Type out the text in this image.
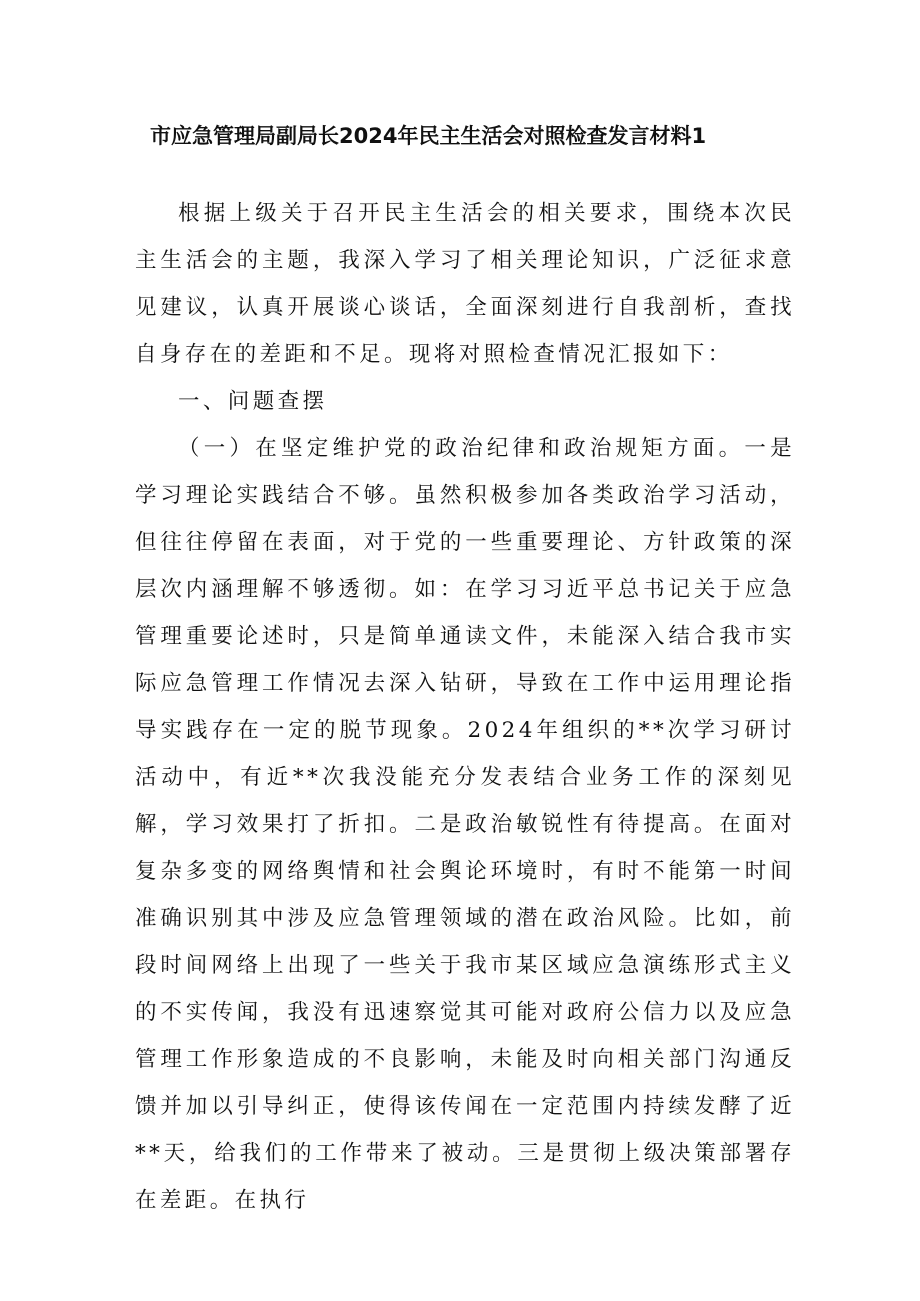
市应急管理局副局长2024年民主生活会对照检查发言材料1

根据上级关于召开民主生活会的相关要求，围绕本次民主生活会的主题，我深入学习了相关理论知识，广泛征求意见建议，认真开展谈心谈话，全面深刻进行自我剖析，查找自身存在的差距和不足。现将对照检查情况汇报如下：

一、问题查摆

（一）在坚定维护党的政治纪律和政治规矩方面。一是学习理论实践结合不够。虽然积极参加各类政治学习活动，但往往停留在表面，对于党的一些重要理论、方针政策的深层次内涵理解不够透彻。如：在学习习近平总书记关于应急管理重要论述时，只是简单通读文件，未能深入结合我市实际应急管理工作情况去深入钻研，导致在工作中运用理论指导实践存在一定的脱节现象。2024年组织的**次学习研讨活动中，有近**次我没能充分发表结合业务工作的深刻见解，学习效果打了折扣。二是政治敏锐性有待提高。在面对复杂多变的网络舆情和社会舆论环境时，有时不能第一时间准确识别其中涉及应急管理领域的潜在政治风险。比如，前段时间网络上出现了一些关于我市某区域应急演练形式主义的不实传闻，我没有迅速察觉其可能对政府公信力以及应急管理工作形象造成的不良影响，未能及时向相关部门沟通反馈并加以引导纠正，使得该传闻在一定范围内持续发酵了近**天，给我们的工作带来了被动。三是贯彻上级决策部署存在差距。在执行
